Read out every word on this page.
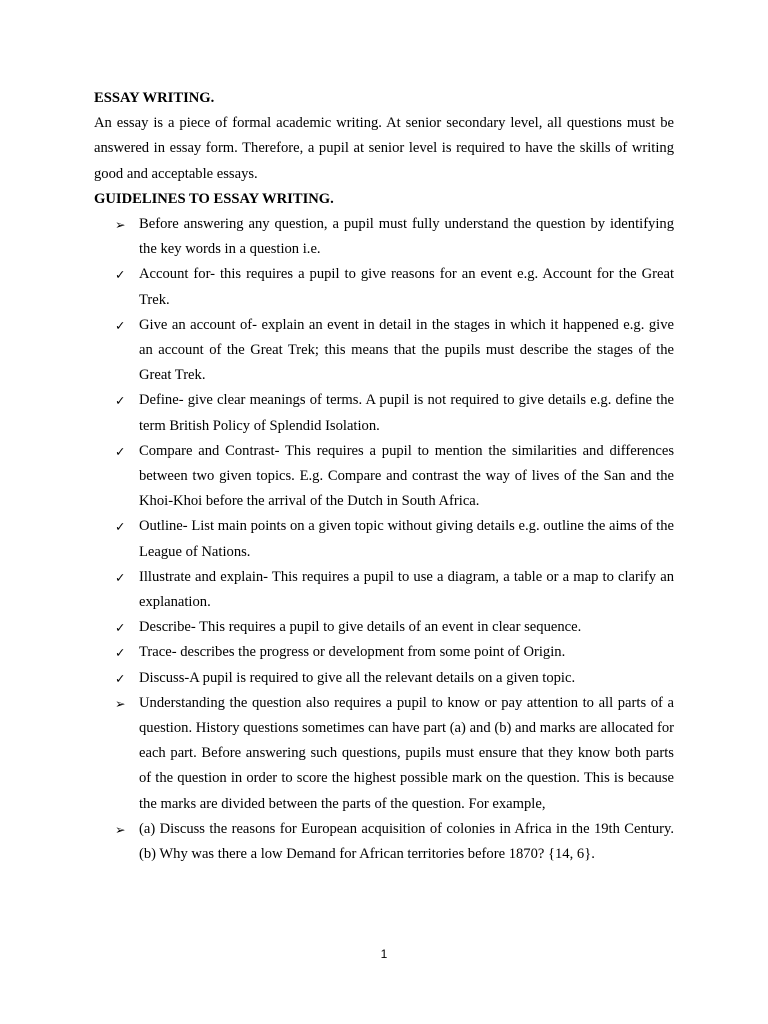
ESSAY WRITING.

An essay is a piece of formal academic writing. At senior secondary level, all questions must be answered in essay form. Therefore, a pupil at senior level is required to have the skills of writing good and acceptable essays.

GUIDELINES TO ESSAY WRITING.

➢ Before answering any question, a pupil must fully understand the question by identifying the key words in a question i.e.
✓ Account for- this requires a pupil to give reasons for an event e.g. Account for the Great Trek.
✓ Give an account of- explain an event in detail in the stages in which it happened e.g. give an account of the Great Trek; this means that the pupils must describe the stages of the Great Trek.
✓ Define- give clear meanings of terms. A pupil is not required to give details e.g. define the term British Policy of Splendid Isolation.
✓ Compare and Contrast- This requires a pupil to mention the similarities and differences between two given topics. E.g. Compare and contrast the way of lives of the San and the Khoi-Khoi before the arrival of the Dutch in South Africa.
✓ Outline- List main points on a given topic without giving details e.g. outline the aims of the League of Nations.
✓ Illustrate and explain- This requires a pupil to use a diagram, a table or a map to clarify an explanation.
✓ Describe- This requires a pupil to give details of an event in clear sequence.
✓ Trace- describes the progress or development from some point of Origin.
✓ Discuss-A pupil is required to give all the relevant details on a given topic.
➢ Understanding the question also requires a pupil to know or pay attention to all parts of a question. History questions sometimes can have part (a) and (b) and marks are allocated for each part. Before answering such questions, pupils must ensure that they know both parts of the question in order to score the highest possible mark on the question. This is because the marks are divided between the parts of the question. For example,
➢ (a) Discuss the reasons for European acquisition of colonies in Africa in the 19th Century. (b) Why was there a low Demand for African territories before 1870? {14, 6}.
1
